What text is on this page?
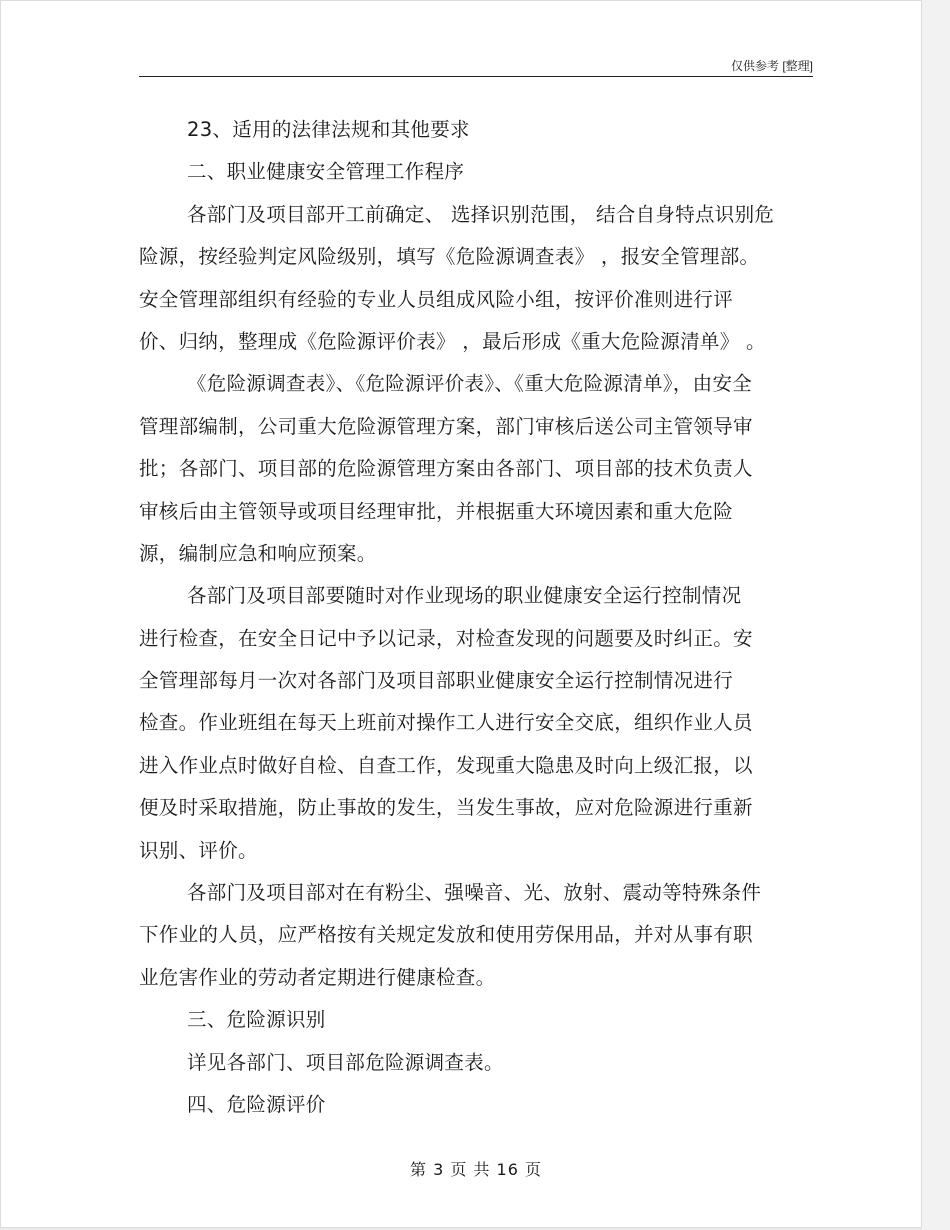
仅供参考 [整理]
23、适用的法律法规和其他要求
二、职业健康安全管理工作程序
各部门及项目部开工前确定、 选择识别范围， 结合自身特点识别危
险源，按经验判定风险级别，填写《危险源调查表》 ，报安全管理部。
安全管理部组织有经验的专业人员组成风险小组，按评价准则进行评
价、归纳，整理成《危险源评价表》 ，最后形成《重大危险源清单》 。
《危险源调查表》、《危险源评价表》、《重大危险源清单》，由安全
管理部编制，公司重大危险源管理方案，部门审核后送公司主管领导审
批；各部门、项目部的危险源管理方案由各部门、项目部的技术负责人
审核后由主管领导或项目经理审批，并根据重大环境因素和重大危险
源，编制应急和响应预案。
各部门及项目部要随时对作业现场的职业健康安全运行控制情况
进行检查，在安全日记中予以记录，对检查发现的问题要及时纠正。安
全管理部每月一次对各部门及项目部职业健康安全运行控制情况进行
检查。作业班组在每天上班前对操作工人进行安全交底，组织作业人员
进入作业点时做好自检、自查工作，发现重大隐患及时向上级汇报，以
便及时采取措施，防止事故的发生，当发生事故，应对危险源进行重新
识别、评价。
各部门及项目部对在有粉尘、强噪音、光、放射、震动等特殊条件
下作业的人员，应严格按有关规定发放和使用劳保用品，并对从事有职
业危害作业的劳动者定期进行健康检查。
三、危险源识别
详见各部门、项目部危险源调查表。
四、危险源评价
第 3 页 共 16 页
